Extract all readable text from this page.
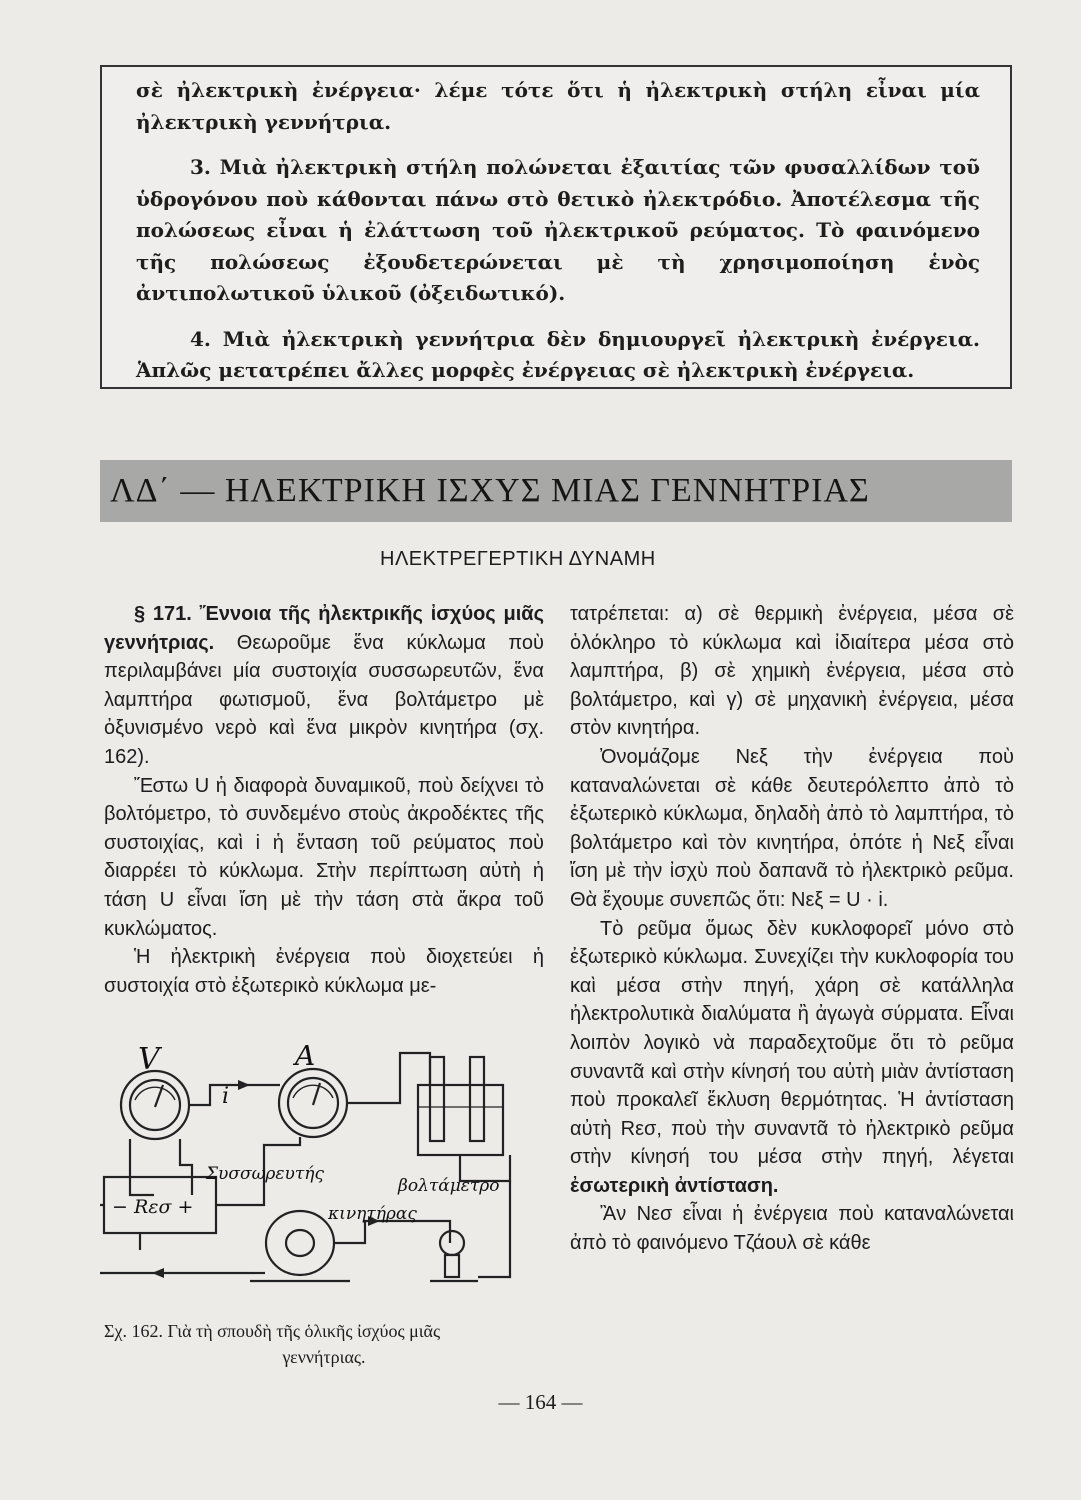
σὲ ἠλεκτρικὴ ἐνέργεια· λέμε τότε ὅτι ἡ ἠλεκτρικὴ στήλη εἶναι μία ἠλεκτρικὴ γεννήτρια.

3. Μιὰ ἠλεκτρικὴ στήλη πολώνεται ἐξαιτίας τῶν φυσαλλίδων τοῦ ὑδρογόνου ποὺ κάθονται πάνω στὸ θετικὸ ἠλεκτρόδιο. Ἀποτέλεσμα τῆς πολώσεως εἶναι ἡ ἐλάττωση τοῦ ἠλεκτρικοῦ ρεύματος. Τὸ φαινόμενο τῆς πολώσεως ἐξουδετερώνεται μὲ τὴ χρησιμοποίηση ἑνὸς ἀντιπολωτικοῦ ὑλικοῦ (ὀξειδωτικό).

4. Μιὰ ἠλεκτρικὴ γεννήτρια δὲν δημιουργεῖ ἠλεκτρικὴ ἐνέργεια. Ἁπλῶς μετατρέπει ἄλλες μορφὲς ἐνέργειας σὲ ἠλεκτρικὴ ἐνέργεια.

ΛΔ΄ — ΗΛΕΚΤΡΙΚΗ ΙΣΧΥΣ ΜΙΑΣ ΓΕΝΝΗΤΡΙΑΣ
ΗΛΕΚΤΡΕΓΕΡΤΙΚΗ ΔΥΝΑΜΗ

§ 171. Ἔννοια τῆς ἠλεκτρικῆς ἰσχύος μιᾶς γεννήτριας. Θεωροῦμε ἕνα κύκλωμα ποὺ περιλαμβάνει μία συστοιχία συσσωρευτῶν, ἕνα λαμπτήρα φωτισμοῦ, ἕνα βολτάμετρο μὲ ὀξυνισμένο νερὸ καὶ ἕνα μικρὸν κινητήρα (σχ. 162).

Ἔστω U ἡ διαφορὰ δυναμικοῦ, ποὺ δείχνει τὸ βολτόμετρο, τὸ συνδεμένο στοὺς ἀκροδέκτες τῆς συστοιχίας, καὶ i ἡ ἔνταση τοῦ ρεύματος ποὺ διαρρέει τὸ κύκλωμα. Στὴν περίπτωση αὐτὴ ἡ τάση U εἶναι ἴση μὲ τὴν τάση στὰ ἄκρα τοῦ κυκλώματος.

Ἡ ἠλεκτρικὴ ἐνέργεια ποὺ διοχετεύει ἡ συστοιχία στὸ ἐξωτερικὸ κύκλωμα με-

τατρέπεται: α) σὲ θερμικὴ ἐνέργεια, μέσα σὲ ὁλόκληρο τὸ κύκλωμα καὶ ἰδιαίτερα μέσα στὸ λαμπτήρα, β) σὲ χημικὴ ἐνέργεια, μέσα στὸ βολτάμετρο, καὶ γ) σὲ μηχανικὴ ἐνέργεια, μέσα στὸν κινητήρα.

Ὀνομάζομε Nεξ τὴν ἐνέργεια ποὺ καταναλώνεται σὲ κάθε δευτερόλεπτο ἀπὸ τὸ ἐξωτερικὸ κύκλωμα, δηλαδὴ ἀπὸ τὸ λαμπτήρα, τὸ βολτάμετρο καὶ τὸν κινητήρα, ὁπότε ἡ Nεξ εἶναι ἴση μὲ τὴν ἰσχὺ ποὺ δαπανᾶ τὸ ἠλεκτρικὸ ρεῦμα. Θὰ ἔχουμε συνεπῶς ὅτι: Nεξ = U · i.

Τὸ ρεῦμα ὅμως δὲν κυκλοφορεῖ μόνο στὸ ἐξωτερικὸ κύκλωμα. Συνεχίζει τὴν κυκλοφορία του καὶ μέσα στὴν πηγή, χάρη σὲ κατάλληλα ἠλεκτρολυτικὰ διαλύματα ἢ ἀγωγὰ σύρματα. Εἶναι λοιπὸν λογικὸ νὰ παραδεχτοῦμε ὅτι τὸ ρεῦμα συναντᾶ καὶ στὴν κίνησή του αὐτὴ μιὰν ἀντίσταση ποὺ προκαλεῖ ἔκλυση θερμότητας. Ἡ ἀντίσταση αὐτὴ Rεσ, ποὺ τὴν συναντᾶ τὸ ἠλεκτρικὸ ρεῦμα στὴν κίνησή του μέσα στὴν πηγή, λέγεται ἐσωτερικὴ ἀντίσταση.

Ἂν Nεσ εἶναι ἡ ἐνέργεια ποὺ καταναλώνεται ἀπὸ τὸ φαινόμενο Τζάουλ σὲ κάθε

V	A
i
Συσσωρευτής
− Rεσ +
βολτάμετρο
κινητήρας
Σχ. 162. Γιὰ τὴ σπουδὴ τῆς ὁλικῆς ἰσχύος μιᾶς
γεννήτριας.
— 164 —
